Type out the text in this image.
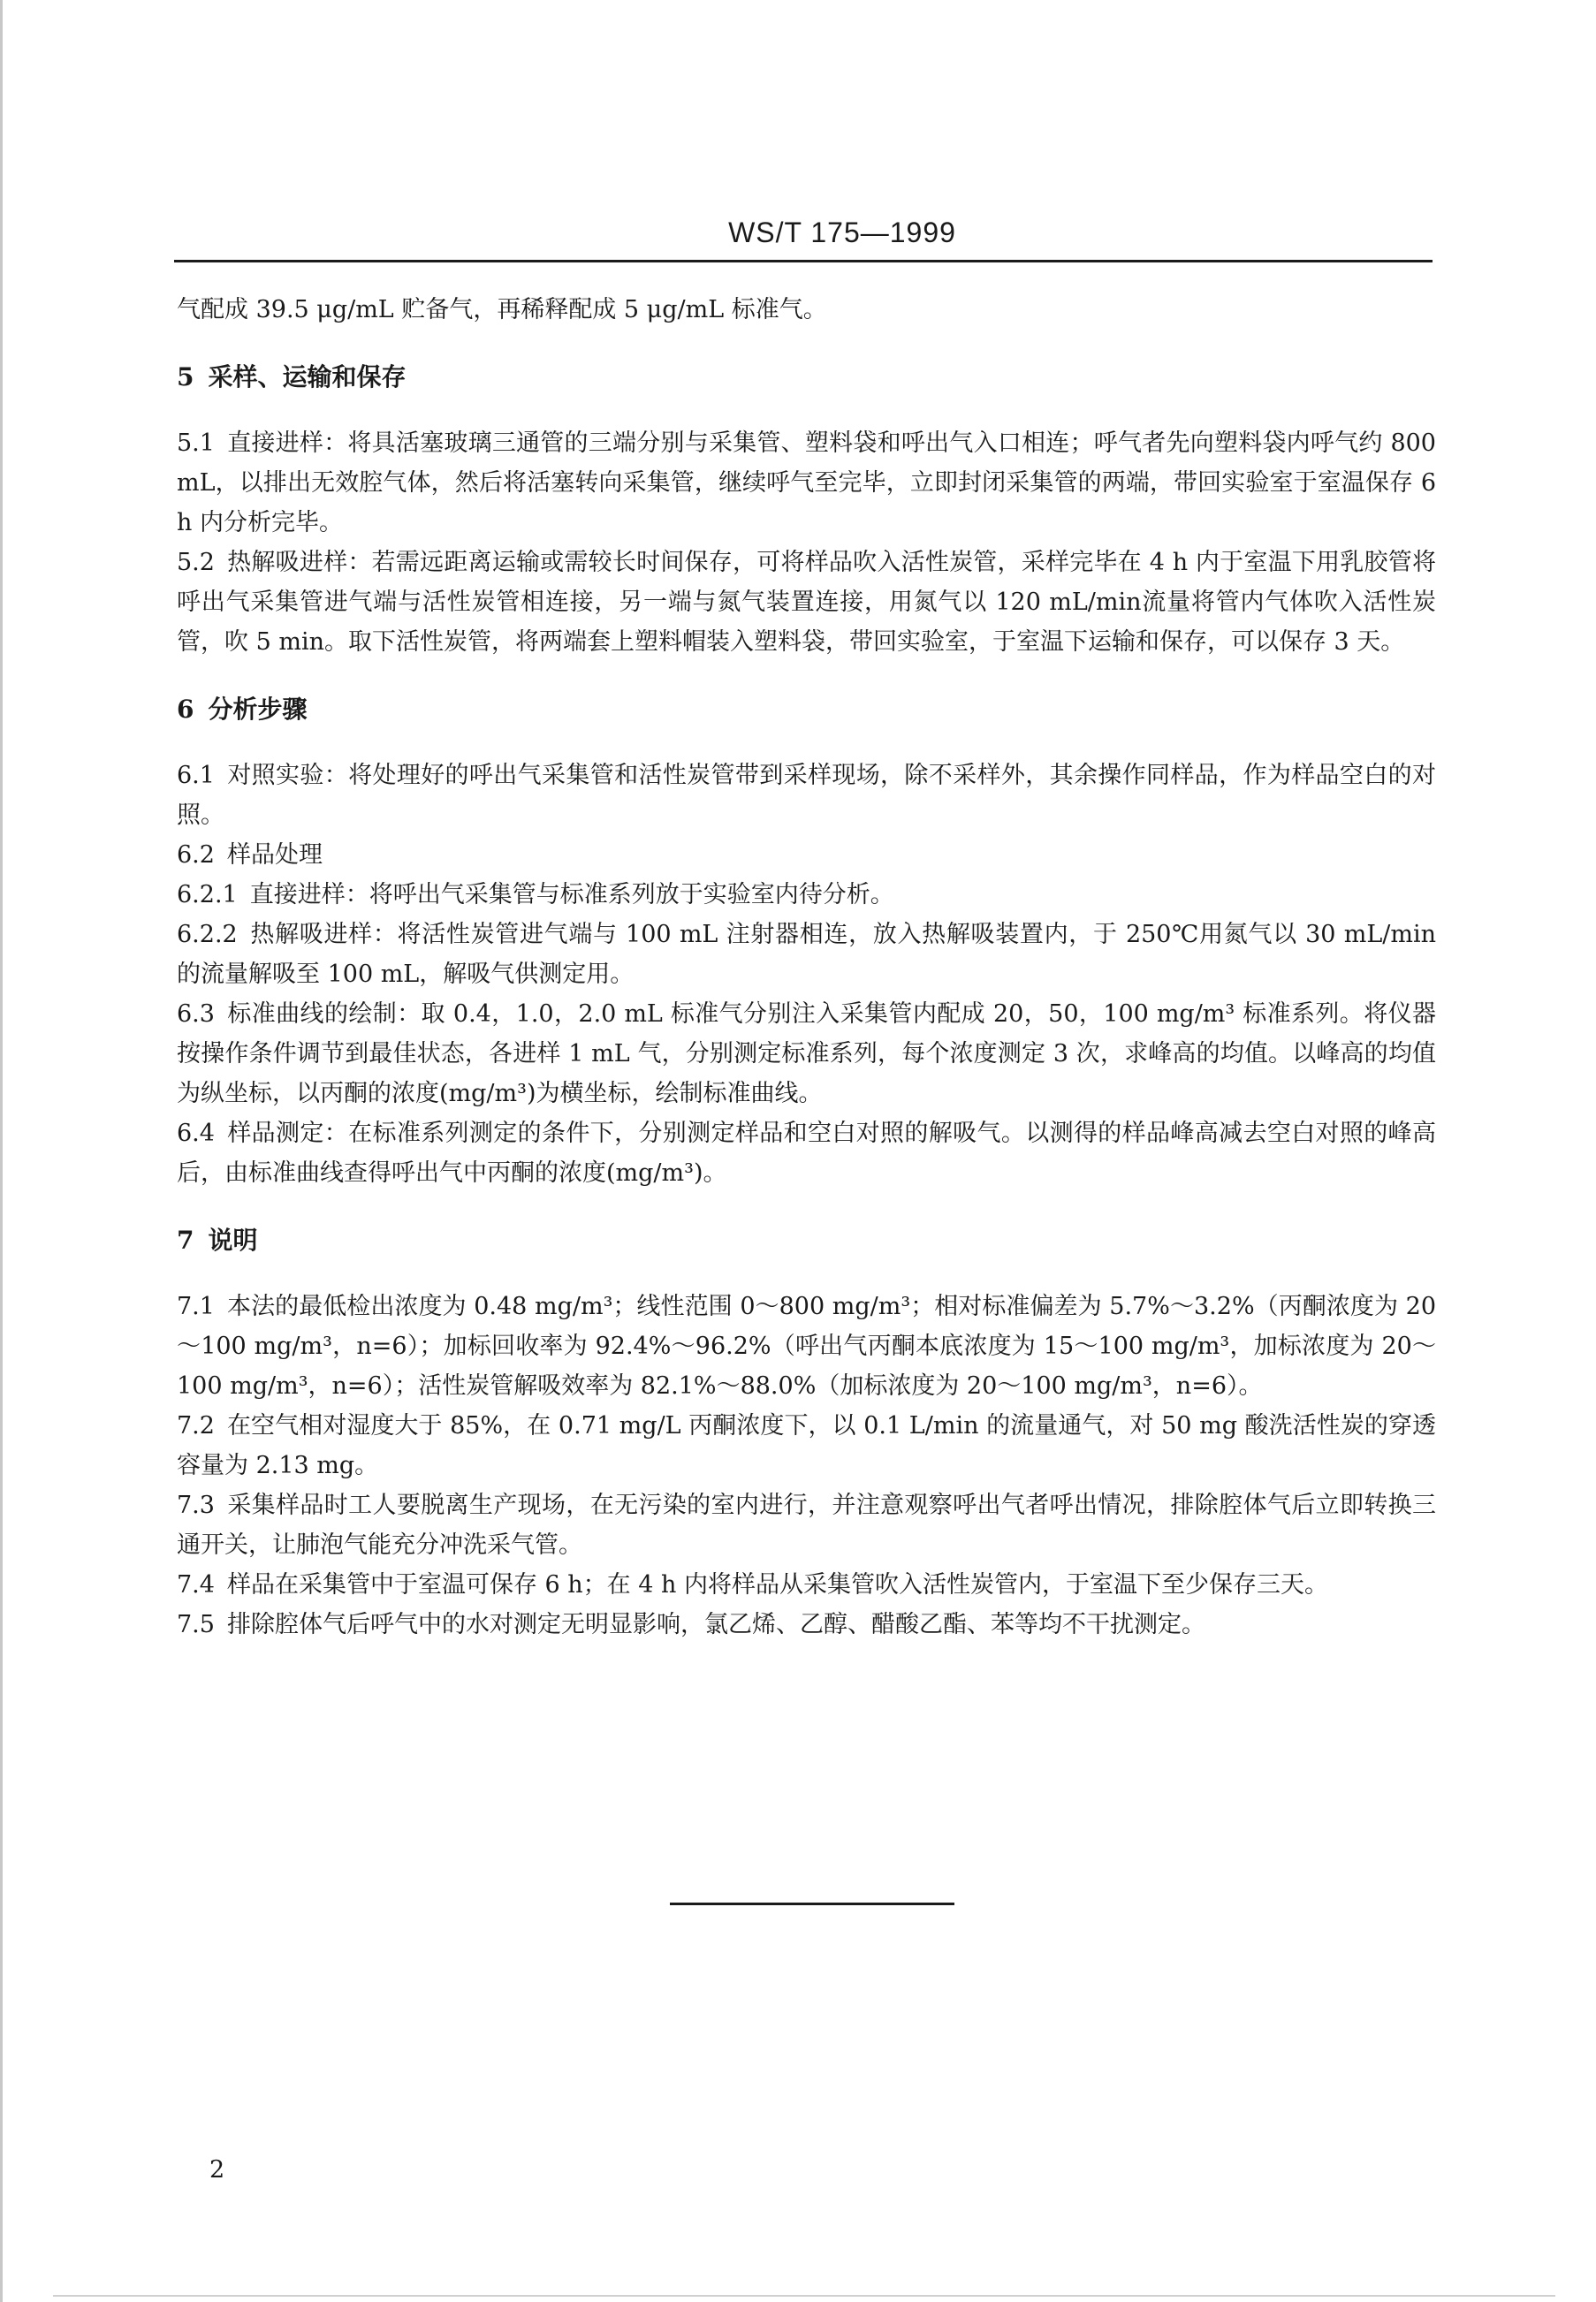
WS/T 175—1999

气配成 39.5 μg/mL 贮备气，再稀释配成 5 μg/mL 标准气。

5 采样、运输和保存

5.1 直接进样：将具活塞玻璃三通管的三端分别与采集管、塑料袋和呼出气入口相连；呼气者先向塑料袋内呼气约 800 mL，以排出无效腔气体，然后将活塞转向采集管，继续呼气至完毕，立即封闭采集管的两端，带回实验室于室温保存 6 h 内分析完毕。

5.2 热解吸进样：若需远距离运输或需较长时间保存，可将样品吹入活性炭管，采样完毕在 4 h 内于室温下用乳胶管将呼出气采集管进气端与活性炭管相连接，另一端与氮气装置连接，用氮气以 120 mL/min流量将管内气体吹入活性炭管，吹 5 min。取下活性炭管，将两端套上塑料帽装入塑料袋，带回实验室，于室温下运输和保存，可以保存 3 天。

6 分析步骤

6.1 对照实验：将处理好的呼出气采集管和活性炭管带到采样现场，除不采样外，其余操作同样品，作为样品空白的对照。

6.2 样品处理

6.2.1 直接进样：将呼出气采集管与标准系列放于实验室内待分析。

6.2.2 热解吸进样：将活性炭管进气端与 100 mL 注射器相连，放入热解吸装置内，于 250℃用氮气以 30 mL/min 的流量解吸至 100 mL，解吸气供测定用。

6.3 标准曲线的绘制：取 0.4，1.0，2.0 mL 标准气分别注入采集管内配成 20，50，100 mg/m³ 标准系列。将仪器按操作条件调节到最佳状态，各进样 1 mL 气，分别测定标准系列，每个浓度测定 3 次，求峰高的均值。以峰高的均值为纵坐标，以丙酮的浓度(mg/m³)为横坐标，绘制标准曲线。

6.4 样品测定：在标准系列测定的条件下，分别测定样品和空白对照的解吸气。以测得的样品峰高减去空白对照的峰高后，由标准曲线查得呼出气中丙酮的浓度(mg/m³)。

7 说明

7.1 本法的最低检出浓度为 0.48 mg/m³；线性范围 0～800 mg/m³；相对标准偏差为 5.7%～3.2%（丙酮浓度为 20～100 mg/m³，n=6）；加标回收率为 92.4%～96.2%（呼出气丙酮本底浓度为 15～100 mg/m³，加标浓度为 20～100 mg/m³，n=6）；活性炭管解吸效率为 82.1%～88.0%（加标浓度为 20～100 mg/m³，n=6）。

7.2 在空气相对湿度大于 85%，在 0.71 mg/L 丙酮浓度下，以 0.1 L/min 的流量通气，对 50 mg 酸洗活性炭的穿透容量为 2.13 mg。

7.3 采集样品时工人要脱离生产现场，在无污染的室内进行，并注意观察呼出气者呼出情况，排除腔体气后立即转换三通开关，让肺泡气能充分冲洗采气管。

7.4 样品在采集管中于室温可保存 6 h；在 4 h 内将样品从采集管吹入活性炭管内，于室温下至少保存三天。

7.5 排除腔体气后呼气中的水对测定无明显影响，氯乙烯、乙醇、醋酸乙酯、苯等均不干扰测定。

2
